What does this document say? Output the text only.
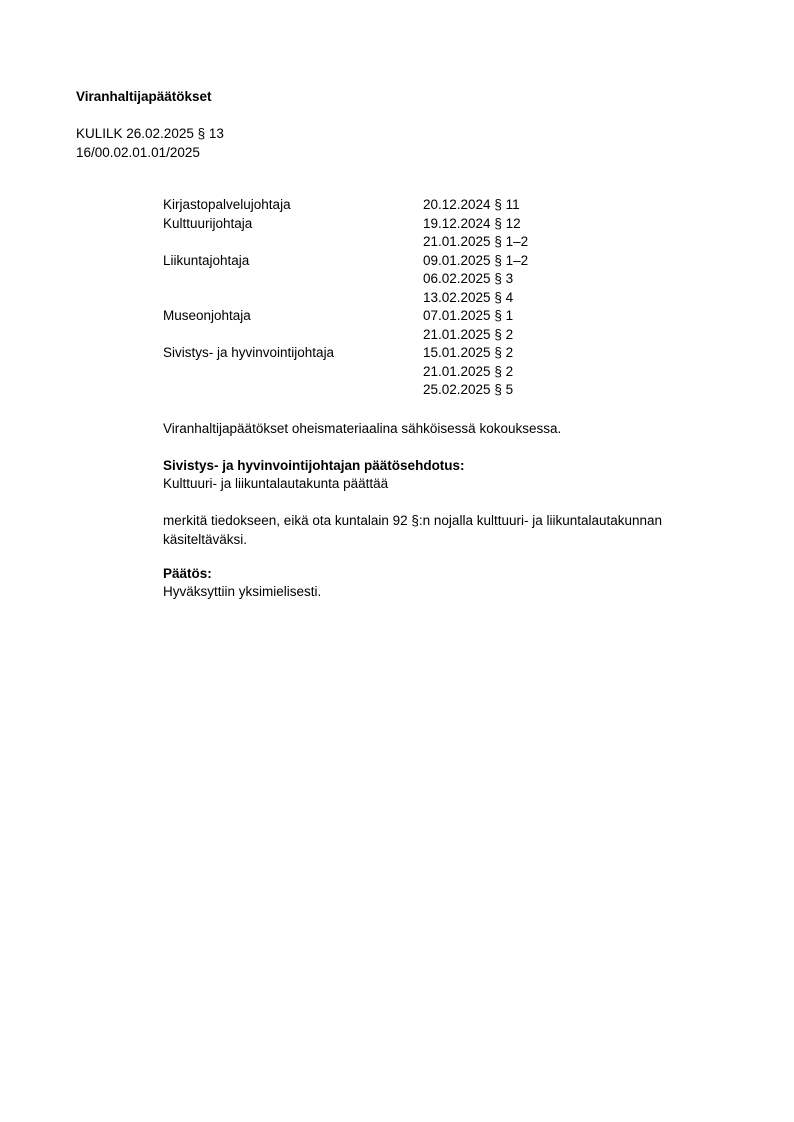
Viranhaltijapäätökset
KULILK 26.02.2025 § 13
16/00.02.01.01/2025
Kirjastopalvelujohtaja	20.12.2024 § 11
Kulttuurijohtaja	19.12.2024 § 12
21.01.2025 § 1–2
Liikuntajohtaja	09.01.2025 § 1–2
06.02.2025 § 3
13.02.2025 § 4
Museonjohtaja	07.01.2025 § 1
21.01.2025 § 2
Sivistys- ja hyvinvointijohtaja	15.01.2025 § 2
21.01.2025 § 2
25.02.2025 § 5
Viranhaltijapäätökset oheismateriaalina sähköisessä kokouksessa.
Sivistys- ja hyvinvointijohtajan päätösehdotus:
Kulttuuri- ja liikuntalautakunta päättää
merkitä tiedokseen, eikä ota kuntalain 92 §:n nojalla kulttuuri- ja liikuntalautakunnan käsiteltäväksi.
Päätös:
Hyväksyttiin yksimielisesti.
